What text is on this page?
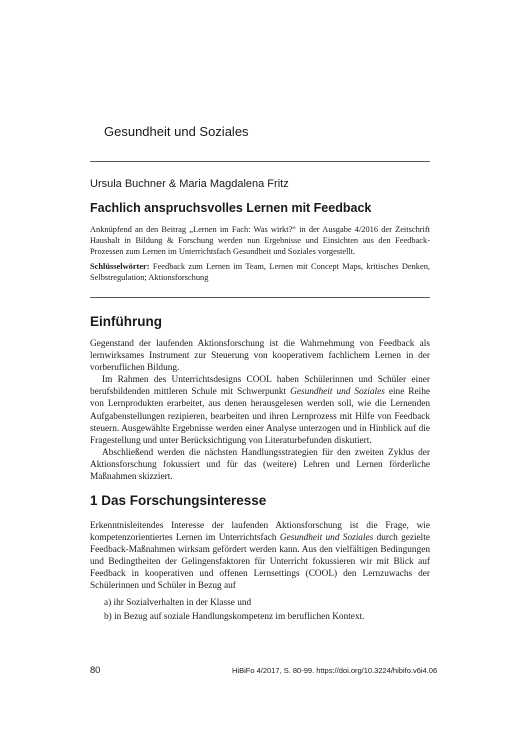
Gesundheit und Soziales
Ursula Buchner & Maria Magdalena Fritz
Fachlich anspruchsvolles Lernen mit Feedback
Anknüpfend an den Beitrag „Lernen im Fach: Was wirkt?“ in der Ausgabe 4/2016 der Zeitschrift Haushalt in Bildung & Forschung werden nun Ergebnisse und Einsichten aus den Feedback-Prozessen zum Lernen im Unterrichtsfach Gesundheit und Soziales vorgestellt.
Schlüsselwörter: Feedback zum Lernen im Team, Lernen mit Concept Maps, kritisches Denken, Selbstregulation; Aktionsforschung
Einführung

Gegenstand der laufenden Aktionsforschung ist die Wahrnehmung von Feedback als lernwirksames Instrument zur Steuerung von kooperativem fachlichem Lernen in der vorberuflichen Bildung.

Im Rahmen des Unterrichtsdesigns COOL haben Schülerinnen und Schüler einer berufsbildenden mittleren Schule mit Schwerpunkt Gesundheit und Soziales eine Reihe von Lernprodukten erarbeitet, aus denen herausgelesen werden soll, wie die Lernenden Aufgabenstellungen rezipieren, bearbeiten und ihren Lernprozess mit Hilfe von Feedback steuern. Ausgewählte Ergebnisse werden einer Analyse unterzogen und in Hinblick auf die Fragestellung und unter Berücksichtigung von Literaturbefunden diskutiert.

Abschließend werden die nächsten Handlungsstrategien für den zweiten Zyklus der Aktionsforschung fokussiert und für das (weitere) Lehren und Lernen förderliche Maßnahmen skizziert.

1 Das Forschungsinteresse

Erkenntnisleitendes Interesse der laufenden Aktionsforschung ist die Frage, wie kompetenzorientiertes Lernen im Unterrichtsfach Gesundheit und Soziales durch gezielte Feedback-Maßnahmen wirksam gefördert werden kann. Aus den vielfältigen Bedingungen und Bedingtheiten der Gelingensfaktoren für Unterricht fokussieren wir mit Blick auf Feedback in kooperativen und offenen Lernsettings (COOL) den Lernzuwachs der Schülerinnen und Schüler in Bezug auf

a) ihr Sozialverhalten in der Klasse und
b) in Bezug auf soziale Handlungskompetenz im beruflichen Kontext.
80	HiBiFo 4/2017, S. 80-99. https://doi.org/10.3224/hibifo.v6i4.06
